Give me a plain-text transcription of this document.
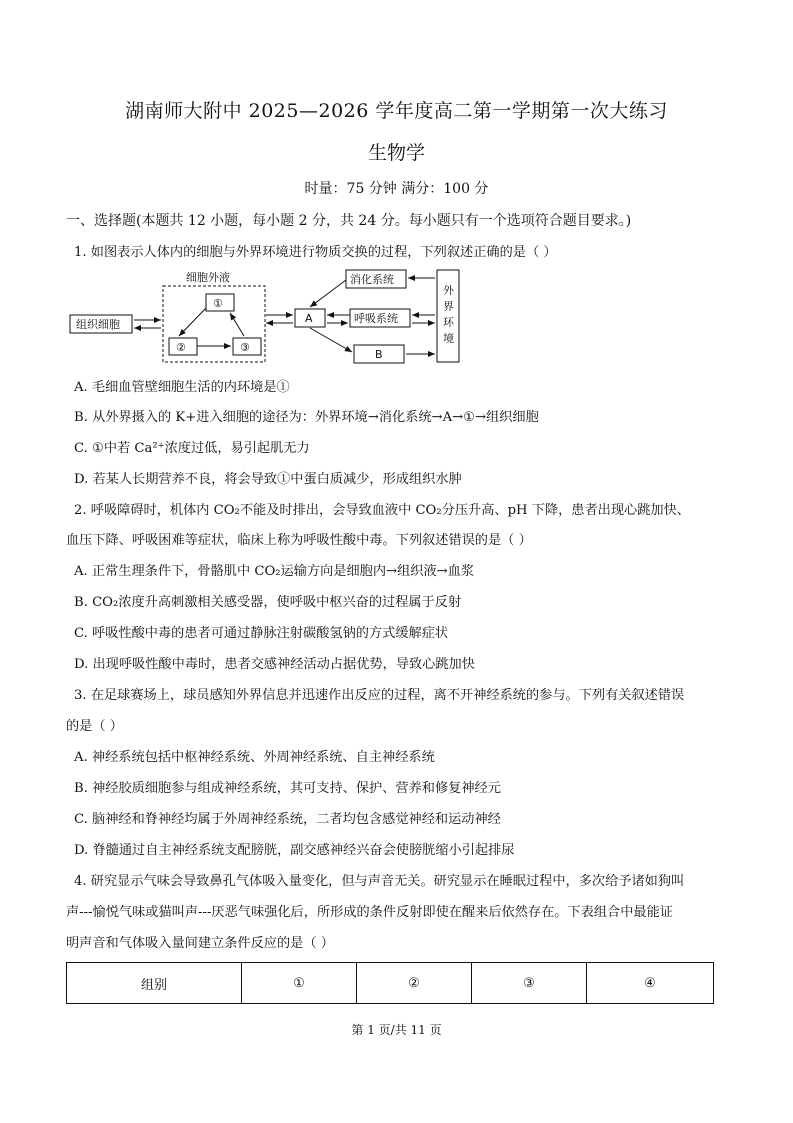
湖南师大附中 2025—2026 学年度高二第一学期第一次大练习
生物学
时量：75 分钟 满分：100 分
一、选择题(本题共 12 小题，每小题 2 分，共 24 分。每小题只有一个选项符合题目要求。)
1. 如图表示人体内的细胞与外界环境进行物质交换的过程，下列叙述正确的是（ ）
细胞外液
组织细胞
①
②	③
A
消化系统
呼吸系统
B
外
界
环
境
A. 毛细血管壁细胞生活的内环境是①
B. 从外界摄入的 K+进入细胞的途径为：外界环境→消化系统→A→①→组织细胞
C. ①中若 Ca²⁺浓度过低，易引起肌无力
D. 若某人长期营养不良，将会导致①中蛋白质减少，形成组织水肿
2. 呼吸障碍时，机体内 CO₂不能及时排出，会导致血液中 CO₂分压升高、pH 下降，患者出现心跳加快、
血压下降、呼吸困难等症状，临床上称为呼吸性酸中毒。下列叙述错误的是（ ）
A. 正常生理条件下，骨骼肌中 CO₂运输方向是细胞内→组织液→血浆
B. CO₂浓度升高刺激相关感受器，使呼吸中枢兴奋的过程属于反射
C. 呼吸性酸中毒的患者可通过静脉注射碳酸氢钠的方式缓解症状
D. 出现呼吸性酸中毒时，患者交感神经活动占据优势，导致心跳加快
3. 在足球赛场上，球员感知外界信息并迅速作出反应的过程，离不开神经系统的参与。下列有关叙述错误
的是（ ）
A. 神经系统包括中枢神经系统、外周神经系统、自主神经系统
B. 神经胶质细胞参与组成神经系统，其可支持、保护、营养和修复神经元
C. 脑神经和脊神经均属于外周神经系统，二者均包含感觉神经和运动神经
D. 脊髓通过自主神经系统支配膀胱，副交感神经兴奋会使膀胱缩小引起排尿
4. 研究显示气味会导致鼻孔气体吸入量变化，但与声音无关。研究显示在睡眠过程中，多次给予诸如狗叫
声---愉悦气味或猫叫声---厌恶气味强化后，所形成的条件反射即使在醒来后依然存在。下表组合中最能证
明声音和气体吸入量间建立条件反应的是（ ）
组别	①	②	③	④
第 1 页/共 11 页
